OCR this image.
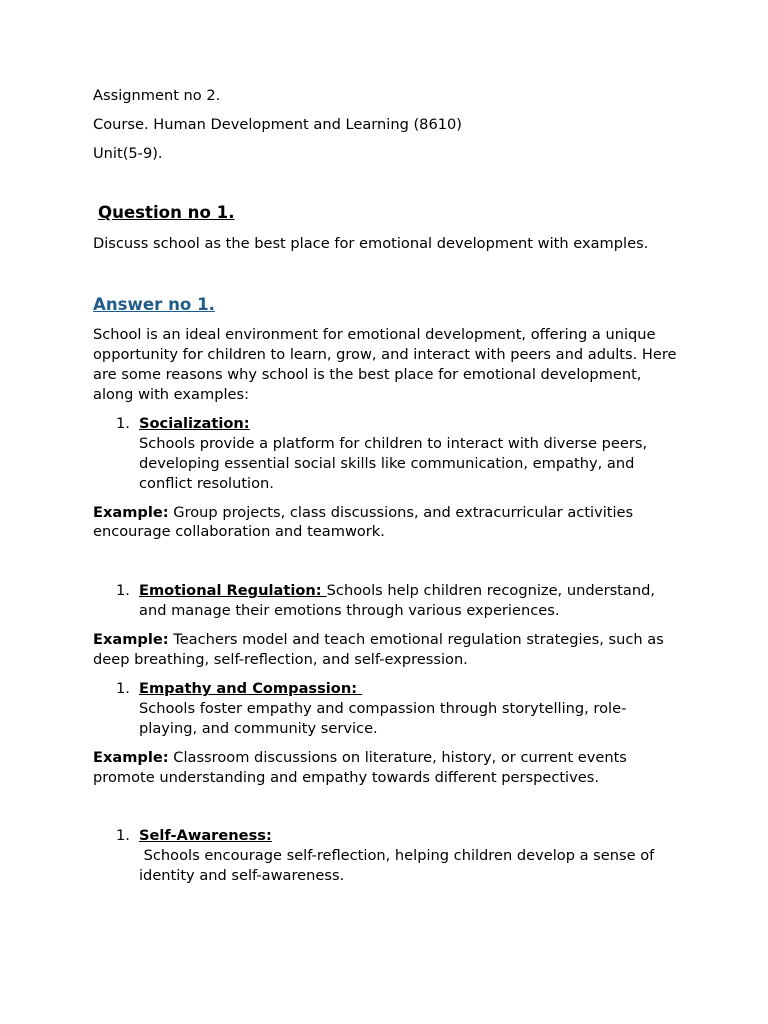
Assignment no 2.
Course. Human Development and Learning (8610)
Unit(5-9).
Question no 1.
Discuss school as the best place for emotional development with examples.
Answer no 1.
School is an ideal environment for emotional development, offering a unique opportunity for children to learn, grow, and interact with peers and adults. Here are some reasons why school is the best place for emotional development, along with examples:
1. Socialization:
Schools provide a platform for children to interact with diverse peers, developing essential social skills like communication, empathy, and conflict resolution.
Example: Group projects, class discussions, and extracurricular activities encourage collaboration and teamwork.
1. Emotional Regulation: Schools help children recognize, understand, and manage their emotions through various experiences.
Example: Teachers model and teach emotional regulation strategies, such as deep breathing, self-reflection, and self-expression.
1. Empathy and Compassion:
Schools foster empathy and compassion through storytelling, role-playing, and community service.
Example: Classroom discussions on literature, history, or current events promote understanding and empathy towards different perspectives.
1. Self-Awareness:
Schools encourage self-reflection, helping children develop a sense of identity and self-awareness.
